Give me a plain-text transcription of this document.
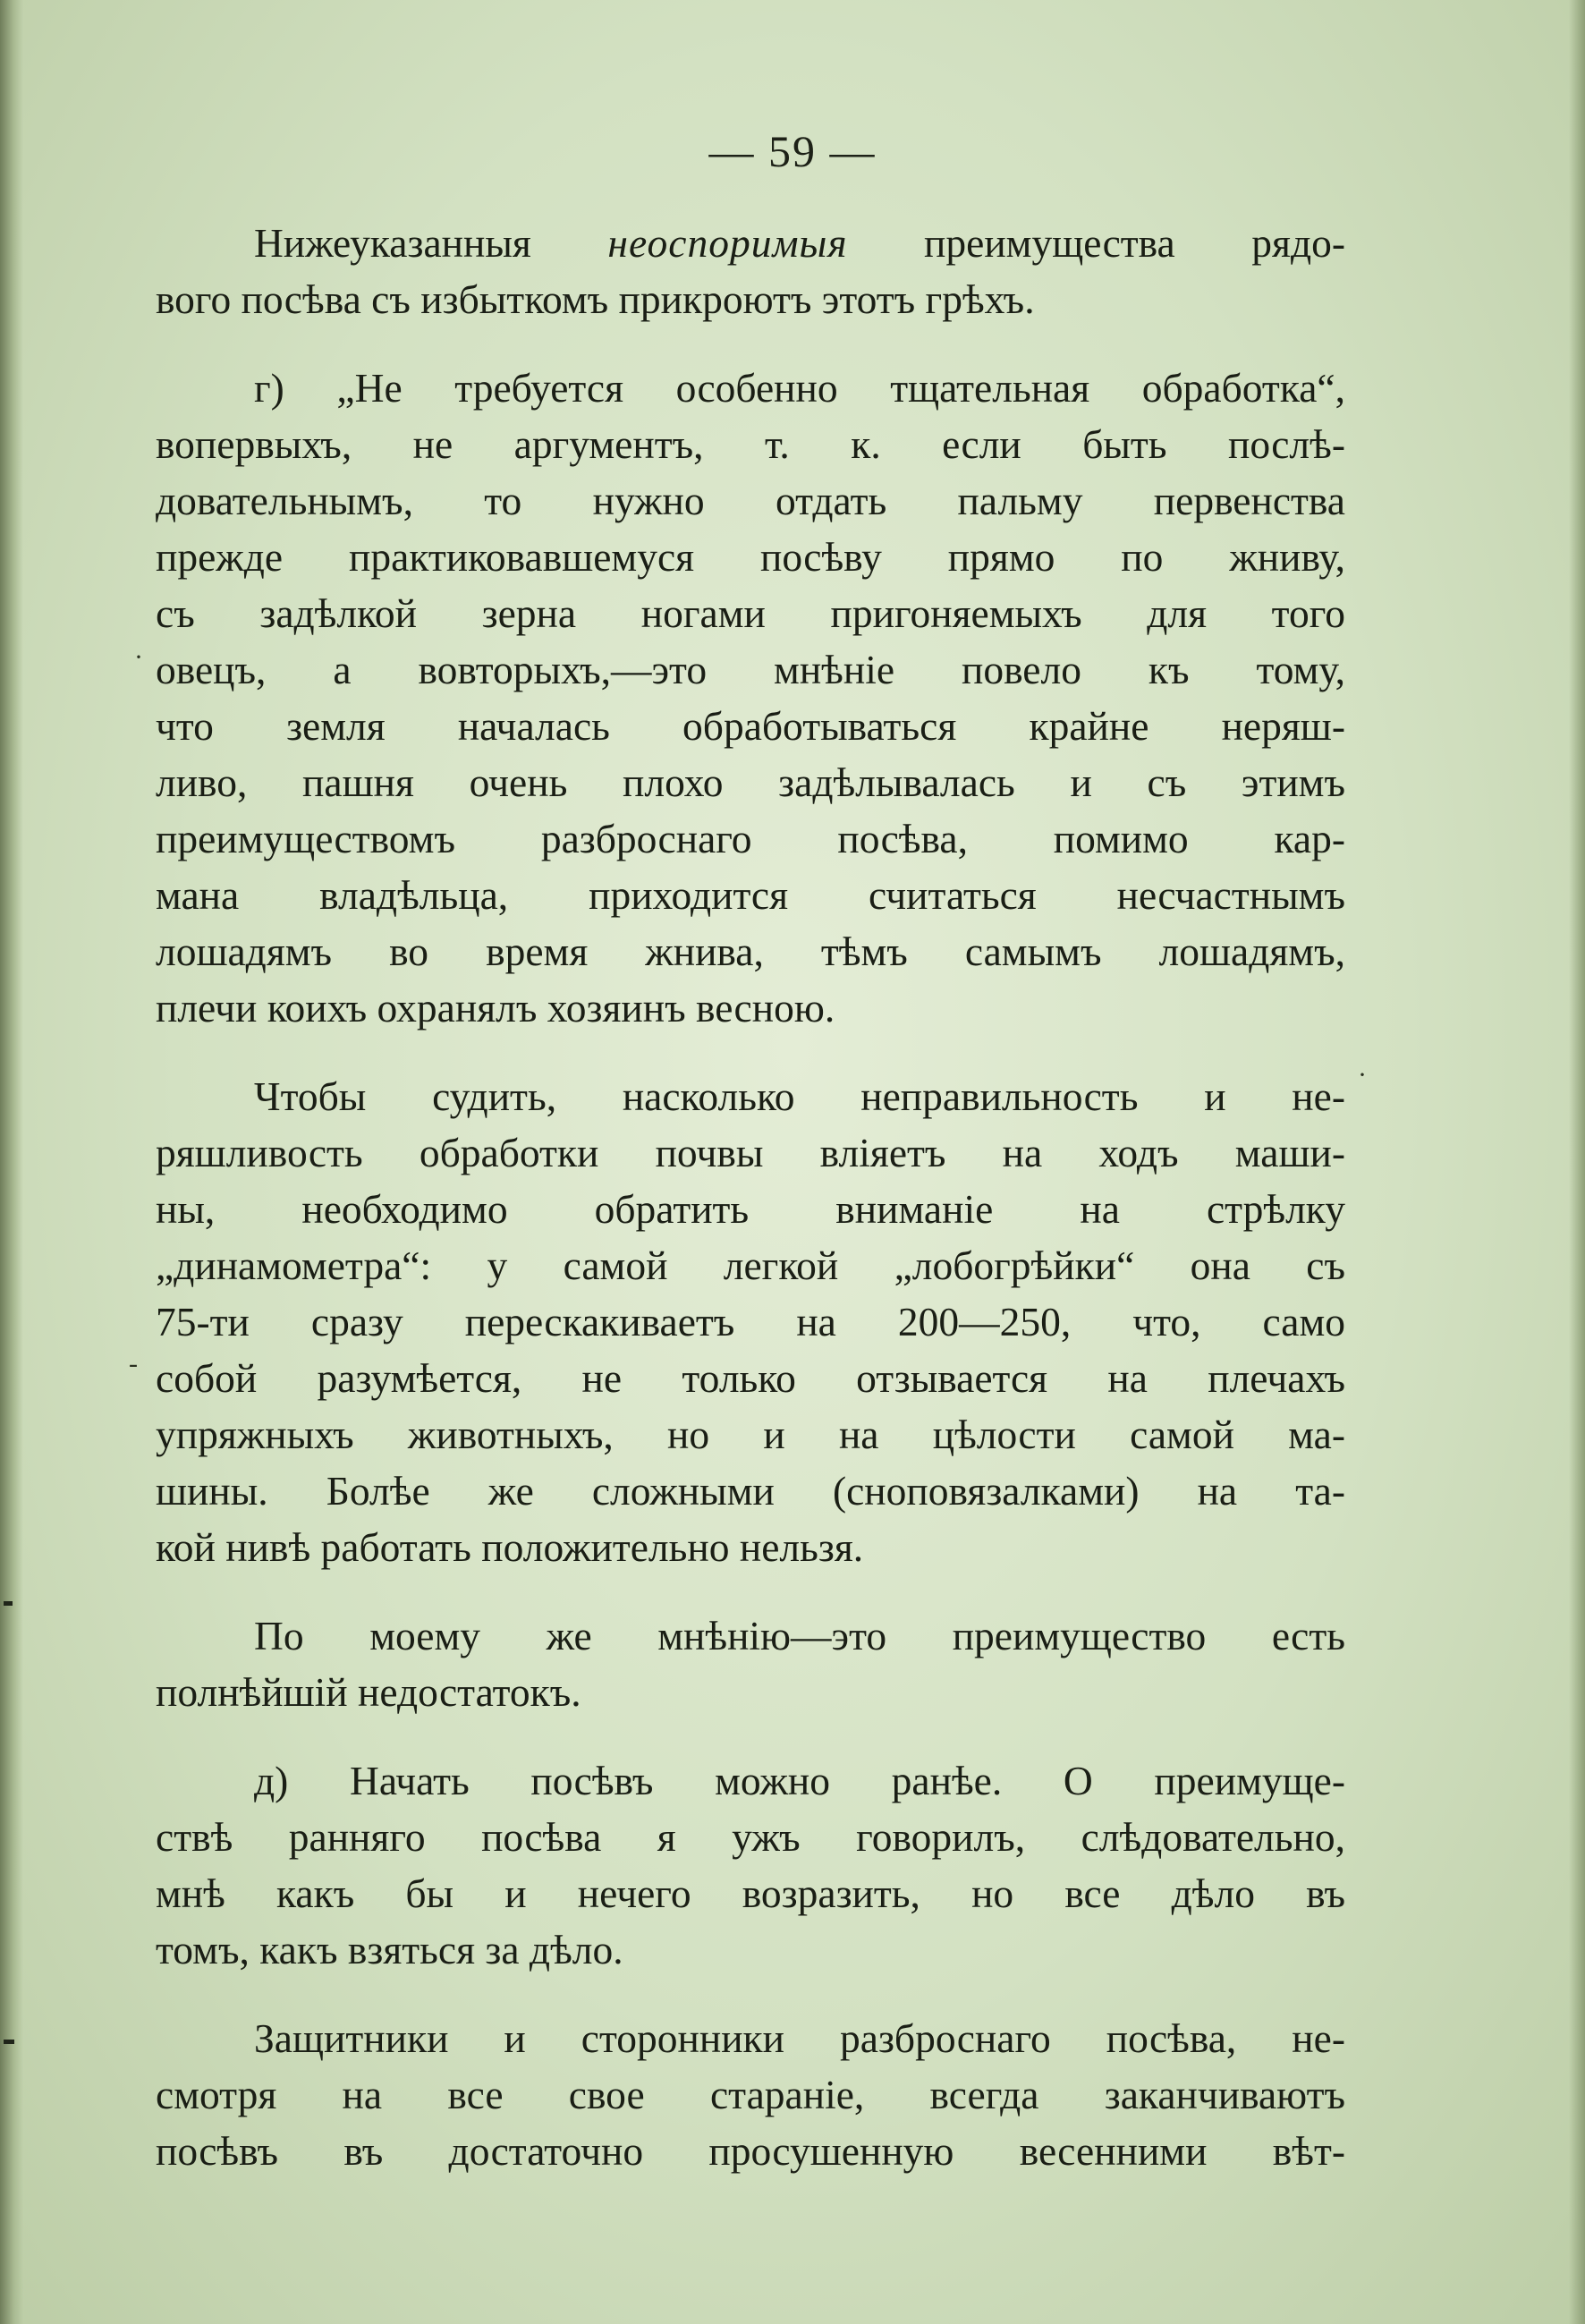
— 59 —

Нижеуказанныя неоспоримыя преимущества рядо-
вого посѣва съ избыткомъ прикроютъ этотъ грѣхъ.

г) „Не требуется особенно тщательная обработка“,
вопервыхъ, не аргументъ, т. к. если быть послѣ-
довательнымъ, то нужно отдать пальму первенства
прежде практиковавшемуся посѣву прямо по жниву,
съ задѣлкой зерна ногами пригоняемыхъ для того
овецъ, а вовторыхъ,—это мнѣніе повело къ тому,
что земля началась обработываться крайне неряш-
ливо, пашня очень плохо задѣлывалась и съ этимъ
преимуществомъ разброснаго посѣва, помимо кар-
мана владѣльца, приходится считаться несчастнымъ
лошадямъ во время жнива, тѣмъ самымъ лошадямъ,
плечи коихъ охранялъ хозяинъ весною.

Чтобы судить, насколько неправильность и не-
ряшливость обработки почвы вліяетъ на ходъ маши-
ны, необходимо обратить вниманіе на стрѣлку
„динамометра“: у самой легкой „лобогрѣйки“ она съ
75-ти сразу перескакиваетъ на 200—250, что, само
собой разумѣется, не только отзывается на плечахъ
упряжныхъ животныхъ, но и на цѣлости самой ма-
шины. Болѣе же сложными (сноповязалками) на та-
кой нивѣ работать положительно нельзя.

По моему же мнѣнію—это преимущество есть
полнѣйшій недостатокъ.

д) Начать посѣвъ можно ранѣе. О преимуще-
ствѣ ранняго посѣва я ужъ говорилъ, слѣдовательно,
мнѣ какъ бы и нечего возразить, но все дѣло въ
томъ, какъ взяться за дѣло.

Защитники и сторонники разброснаго посѣва, не-
смотря на все свое стараніе, всегда заканчиваютъ
посѣвъ въ достаточно просушенную весенними вѣт-

·
·
-
